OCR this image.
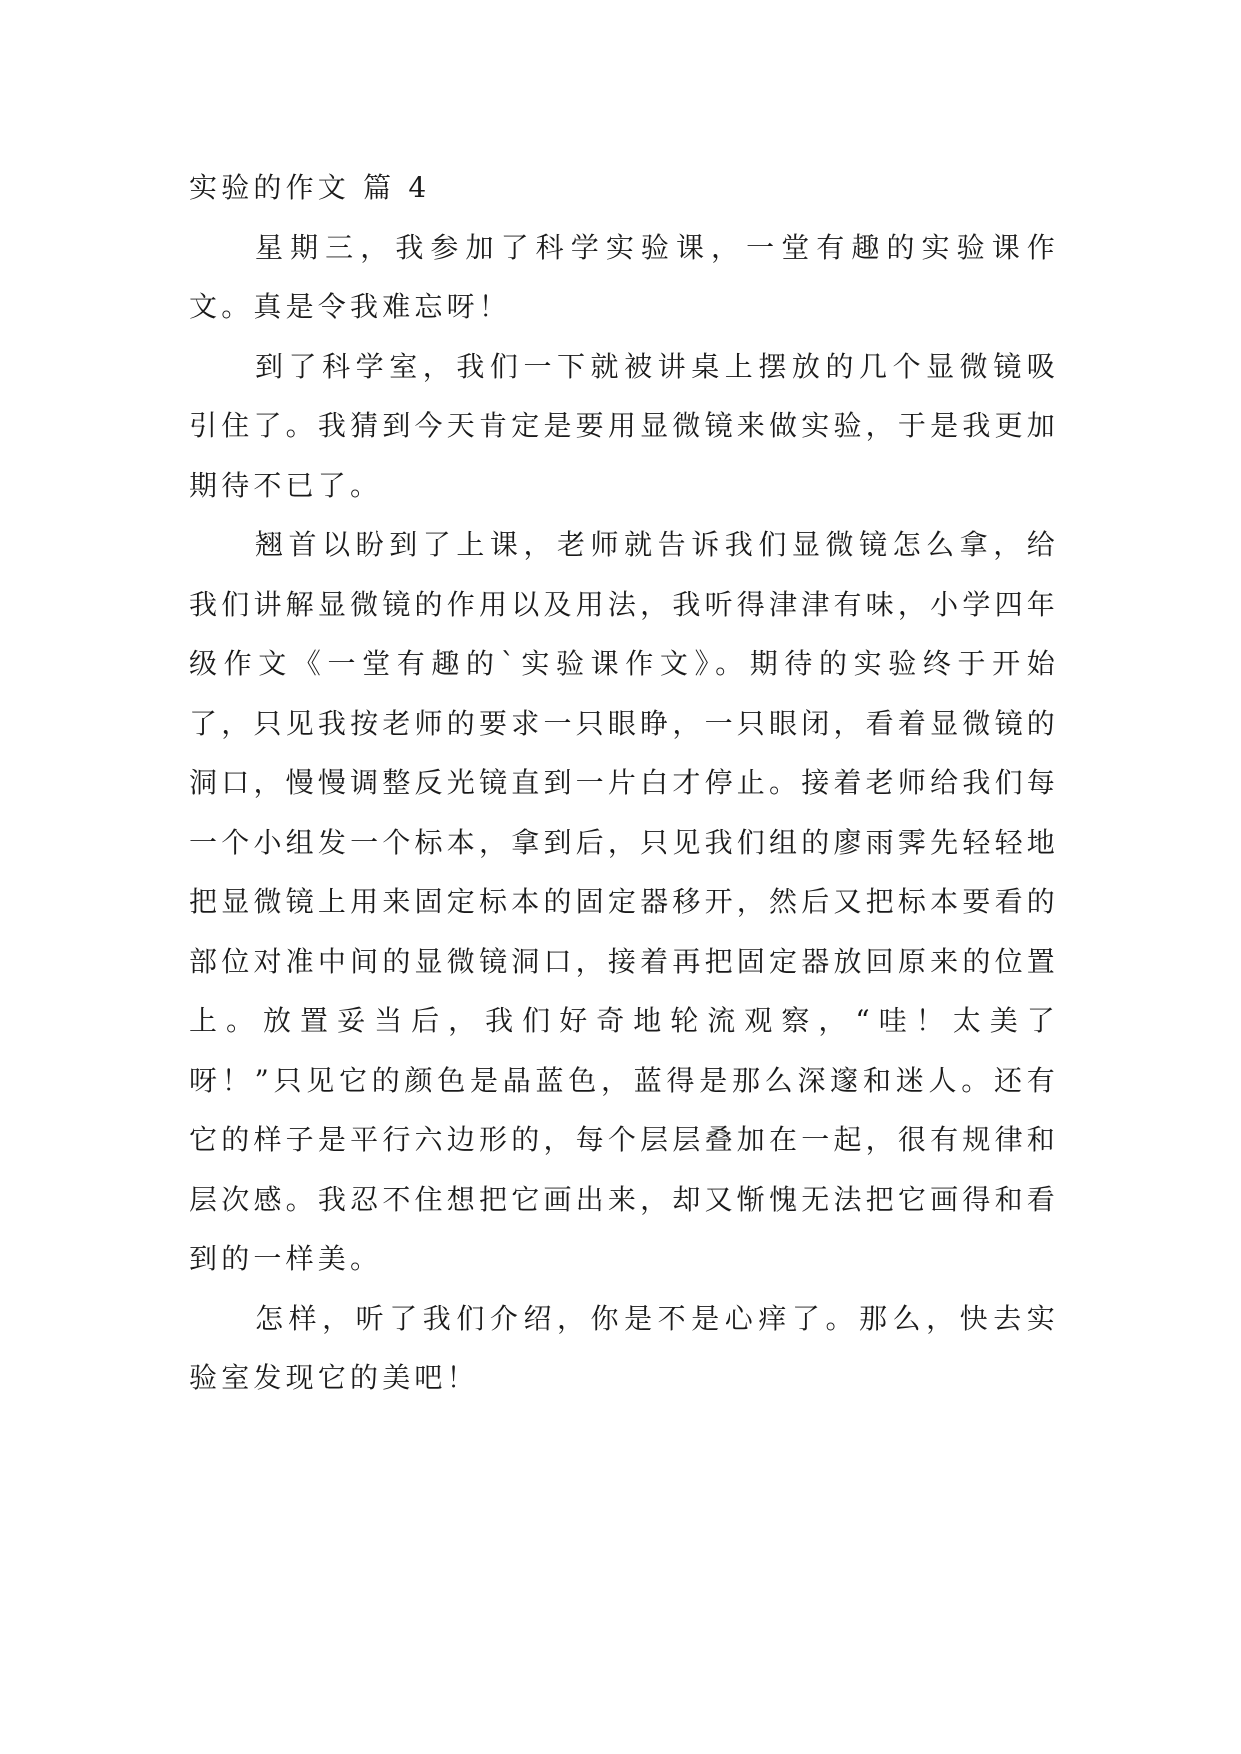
实验的作文 篇 4

星期三，我参加了科学实验课，一堂有趣的实验课作文。真是令我难忘呀！

到了科学室，我们一下就被讲桌上摆放的几个显微镜吸引住了。我猜到今天肯定是要用显微镜来做实验，于是我更加期待不已了。

翘首以盼到了上课，老师就告诉我们显微镜怎么拿，给我们讲解显微镜的作用以及用法，我听得津津有味，小学四年级作文《一堂有趣的`实验课作文》。期待的实验终于开始了，只见我按老师的要求一只眼睁，一只眼闭，看着显微镜的洞口，慢慢调整反光镜直到一片白才停止。接着老师给我们每一个小组发一个标本，拿到后，只见我们组的廖雨霁先轻轻地把显微镜上用来固定标本的固定器移开，然后又把标本要看的部位对准中间的显微镜洞口，接着再把固定器放回原来的位置上。放置妥当后，我们好奇地轮流观察，“哇！太美了呀！”只见它的颜色是晶蓝色，蓝得是那么深邃和迷人。还有它的样子是平行六边形的，每个层层叠加在一起，很有规律和层次感。我忍不住想把它画出来，却又惭愧无法把它画得和看到的一样美。

怎样，听了我们介绍，你是不是心痒了。那么，快去实验室发现它的美吧！
